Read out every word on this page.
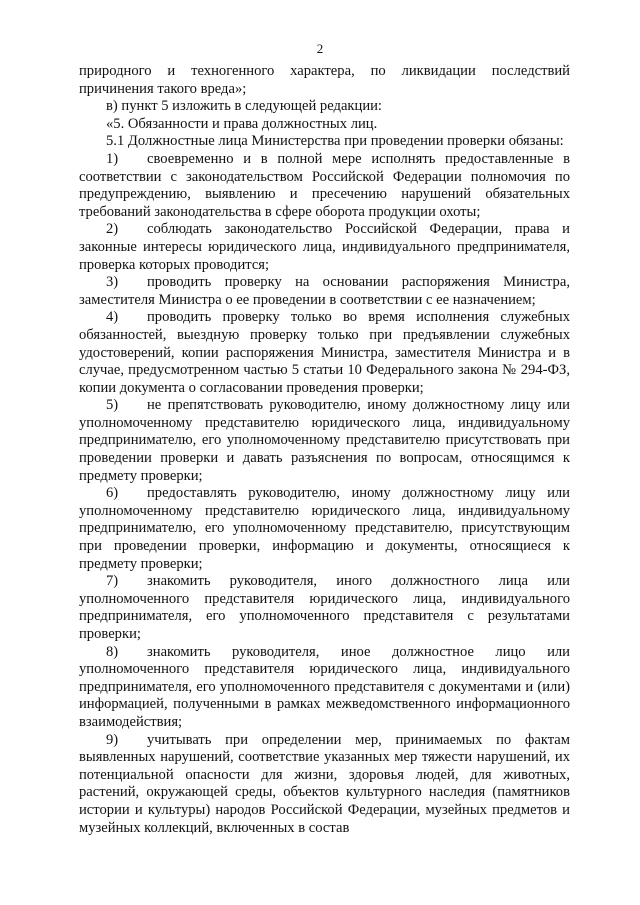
2

природного и техногенного характера, по ликвидации последствий причинения такого вреда»;

в) пункт 5 изложить в следующей редакции:

«5. Обязанности и права должностных лиц.

5.1 Должностные лица Министерства при проведении проверки обязаны:

1) своевременно и в полной мере исполнять предоставленные в соответствии с законодательством Российской Федерации полномочия по предупреждению, выявлению и пресечению нарушений обязательных требований законодательства в сфере оборота продукции охоты;

2) соблюдать законодательство Российской Федерации, права и законные интересы юридического лица, индивидуального предпринимателя, проверка которых проводится;

3) проводить проверку на основании распоряжения Министра, заместителя Министра о ее проведении в соответствии с ее назначением;

4) проводить проверку только во время исполнения служебных обязанностей, выездную проверку только при предъявлении служебных удостоверений, копии распоряжения Министра, заместителя Министра и в случае, предусмотренном частью 5 статьи 10 Федерального закона № 294-ФЗ, копии документа о согласовании проведения проверки;

5) не препятствовать руководителю, иному должностному лицу или уполномоченному представителю юридического лица, индивидуальному предпринимателю, его уполномоченному представителю присутствовать при проведении проверки и давать разъяснения по вопросам, относящимся к предмету проверки;

6) предоставлять руководителю, иному должностному лицу или уполномоченному представителю юридического лица, индивидуальному предпринимателю, его уполномоченному представителю, присутствующим при проведении проверки, информацию и документы, относящиеся к предмету проверки;

7) знакомить руководителя, иного должностного лица или уполномоченного представителя юридического лица, индивидуального предпринимателя, его уполномоченного представителя с результатами проверки;

8) знакомить руководителя, иное должностное лицо или уполномоченного представителя юридического лица, индивидуального предпринимателя, его уполномоченного представителя с документами и (или) информацией, полученными в рамках межведомственного информационного взаимодействия;

9) учитывать при определении мер, принимаемых по фактам выявленных нарушений, соответствие указанных мер тяжести нарушений, их потенциальной опасности для жизни, здоровья людей, для животных, растений, окружающей среды, объектов культурного наследия (памятников истории и культуры) народов Российской Федерации, музейных предметов и музейных коллекций, включенных в состав
